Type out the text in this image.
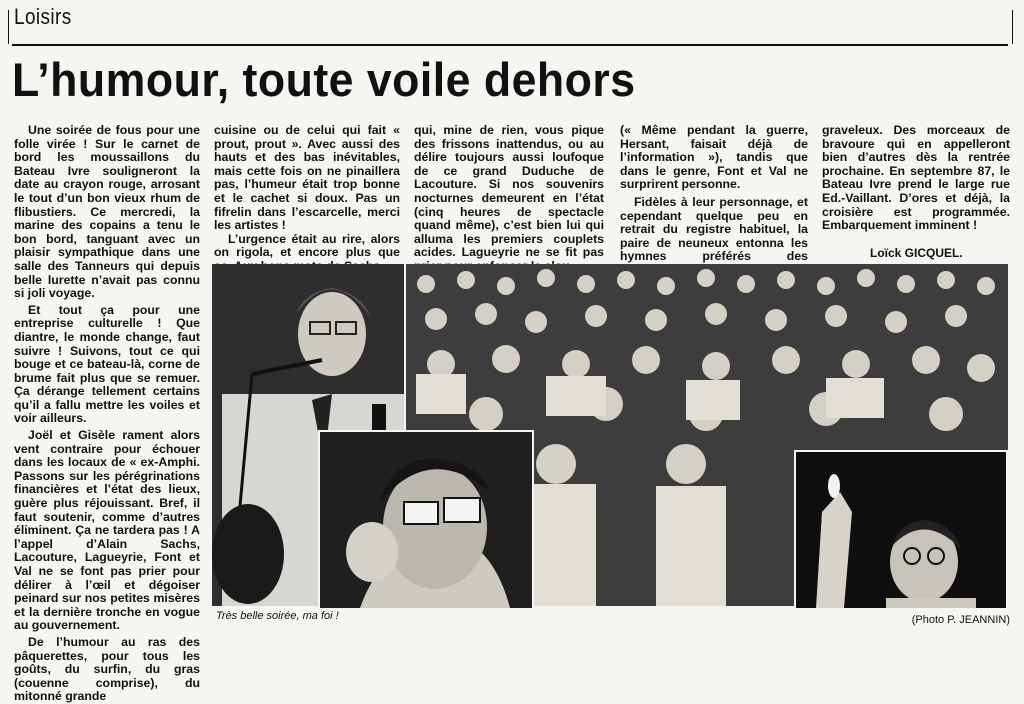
Loisirs
L’humour, toute voile dehors

Une soirée de fous pour une folle virée ! Sur le carnet de bord les moussaillons du Bateau Ivre souligneront la date au crayon rouge, arrosant le tout d’un bon vieux rhum de flibustiers. Ce mercredi, la marine des copains a tenu le bon bord, tanguant avec un plaisir sympathique dans une salle des Tanneurs qui depuis belle lurette n’avait pas connu si joli voyage.

Et tout ça pour une entreprise culturelle ! Que diantre, le monde change, faut suivre ! Suivons, tout ce qui bouge et ce bateau-là, corne de brume fait plus que se remuer. Ça dérange tellement certains qu’il a fallu mettre les voiles et voir ailleurs.

Joël et Gisèle rament alors vent contraire pour échouer dans les locaux de « ex-Amphi. Passons sur les pérégrinations financières et l’état des lieux, guère plus réjouissant. Bref, il faut soutenir, comme d’autres éliminent. Ça ne tardera pas ! A l’appel d’Alain Sachs, Lacouture, Lagueyrie, Font et Val ne se font pas prier pour délirer à l’œil et dégoiser peinard sur nos petites misères et la dernière tronche en vogue au gouvernement.

De l’humour au ras des pâquerettes, pour tous les goûts, du surfin, du gras (couenne comprise), du mitonné grande

cuisine ou de celui qui fait « prout, prout ». Avec aussi des hauts et des bas inévitables, mais cette fois on ne pinaillera pas, l’humeur était trop bonne et le cachet si doux. Pas un fifrelin dans l’escarcelle, merci les artistes !

L’urgence était au rire, alors on rigola, et encore plus que

qui, mine de rien, vous pique des frissons inattendus, ou au délire toujours aussi loufoque de ce grand Duduche de Lacouture. Si nos souvenirs nocturnes demeurent en l’état (cinq heures de spectacle quand même), c’est bien lui qui alluma les premiers couplets acides. Lagueyrie ne se fit pas

(« Même pendant la guerre, Hersant, faisait déjà de l’information »), tandis que dans le genre, Font et Val ne surprirent personne.

Fidèles à leur personnage, et cependant quelque peu en retrait du registre habituel, la paire de neuneux entonna les hymnes préférés des

graveleux. Des morceaux de bravoure qui en appelleront bien d’autres dès la rentrée prochaine. En septembre 87, le Bateau Ivre prend le large rue Ed.-Vaillant. D’ores et déjà, la croisière est programmée. Embarquement imminent !

Loïck GICQUEL.
Très belle soirée, ma foi !	(Photo P. JEANNIN)
